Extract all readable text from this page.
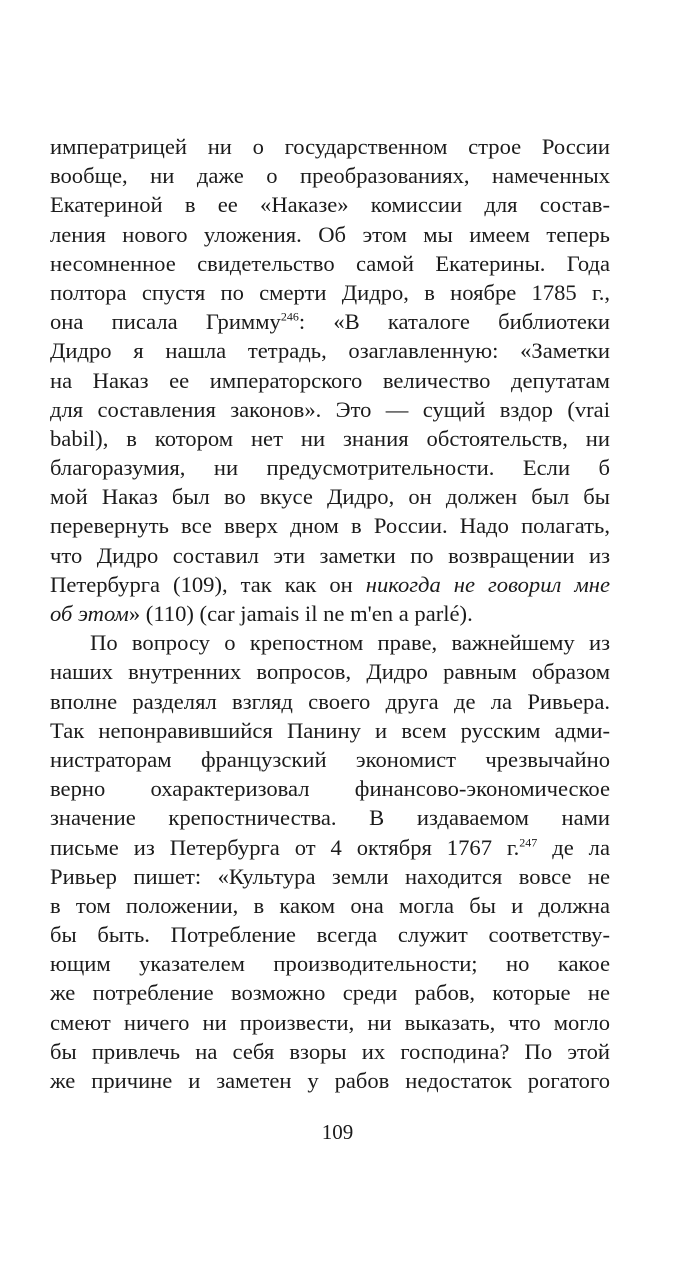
императрицей ни о государственном строе России
вообще, ни даже о преобразованиях, намеченных
Екатериной в ее «Наказе» комиссии для состав-
ления нового уложения. Об этом мы имеем теперь
несомненное свидетельство самой Екатерины. Года
полтора спустя по смерти Дидро, в ноябре 1785 г.,
она писала Гримму$^{246}$: «В каталоге библиотеки
Дидро я нашла тетрадь, озаглавленную: «Заметки
на Наказ ее императорского величество депутатам
для составления законов». Это — сущий вздор (vrai
babil), в котором нет ни знания обстоятельств, ни
благоразумия, ни предусмотрительности. Если б
мой Наказ был во вкусе Дидро, он должен был бы
перевернуть все вверх дном в России. Надо полагать,
что Дидро составил эти заметки по возвращении из
Петербурга (109), так как он никогда не говорил мне
об этом» (110) (car jamais il ne m'en a parlé).
По вопросу о крепостном праве, важнейшему из
наших внутренних вопросов, Дидро равным образом
вполне разделял взгляд своего друга де ла Ривьера.
Так непонравившийся Панину и всем русским адми-
нистраторам французский экономист чрезвычайно
верно охарактеризовал финансово-экономическое
значение крепостничества. В издаваемом нами
письме из Петербурга от 4 октября 1767 г.$^{247}$ де ла
Ривьер пишет: «Культура земли находится вовсе не
в том положении, в каком она могла бы и должна
бы быть. Потребление всегда служит соответству-
ющим указателем производительности; но какое
же потребление возможно среди рабов, которые не
смеют ничего ни произвести, ни выказать, что могло
бы привлечь на себя взоры их господина? По этой
же причине и заметен у рабов недостаток рогатого
109
